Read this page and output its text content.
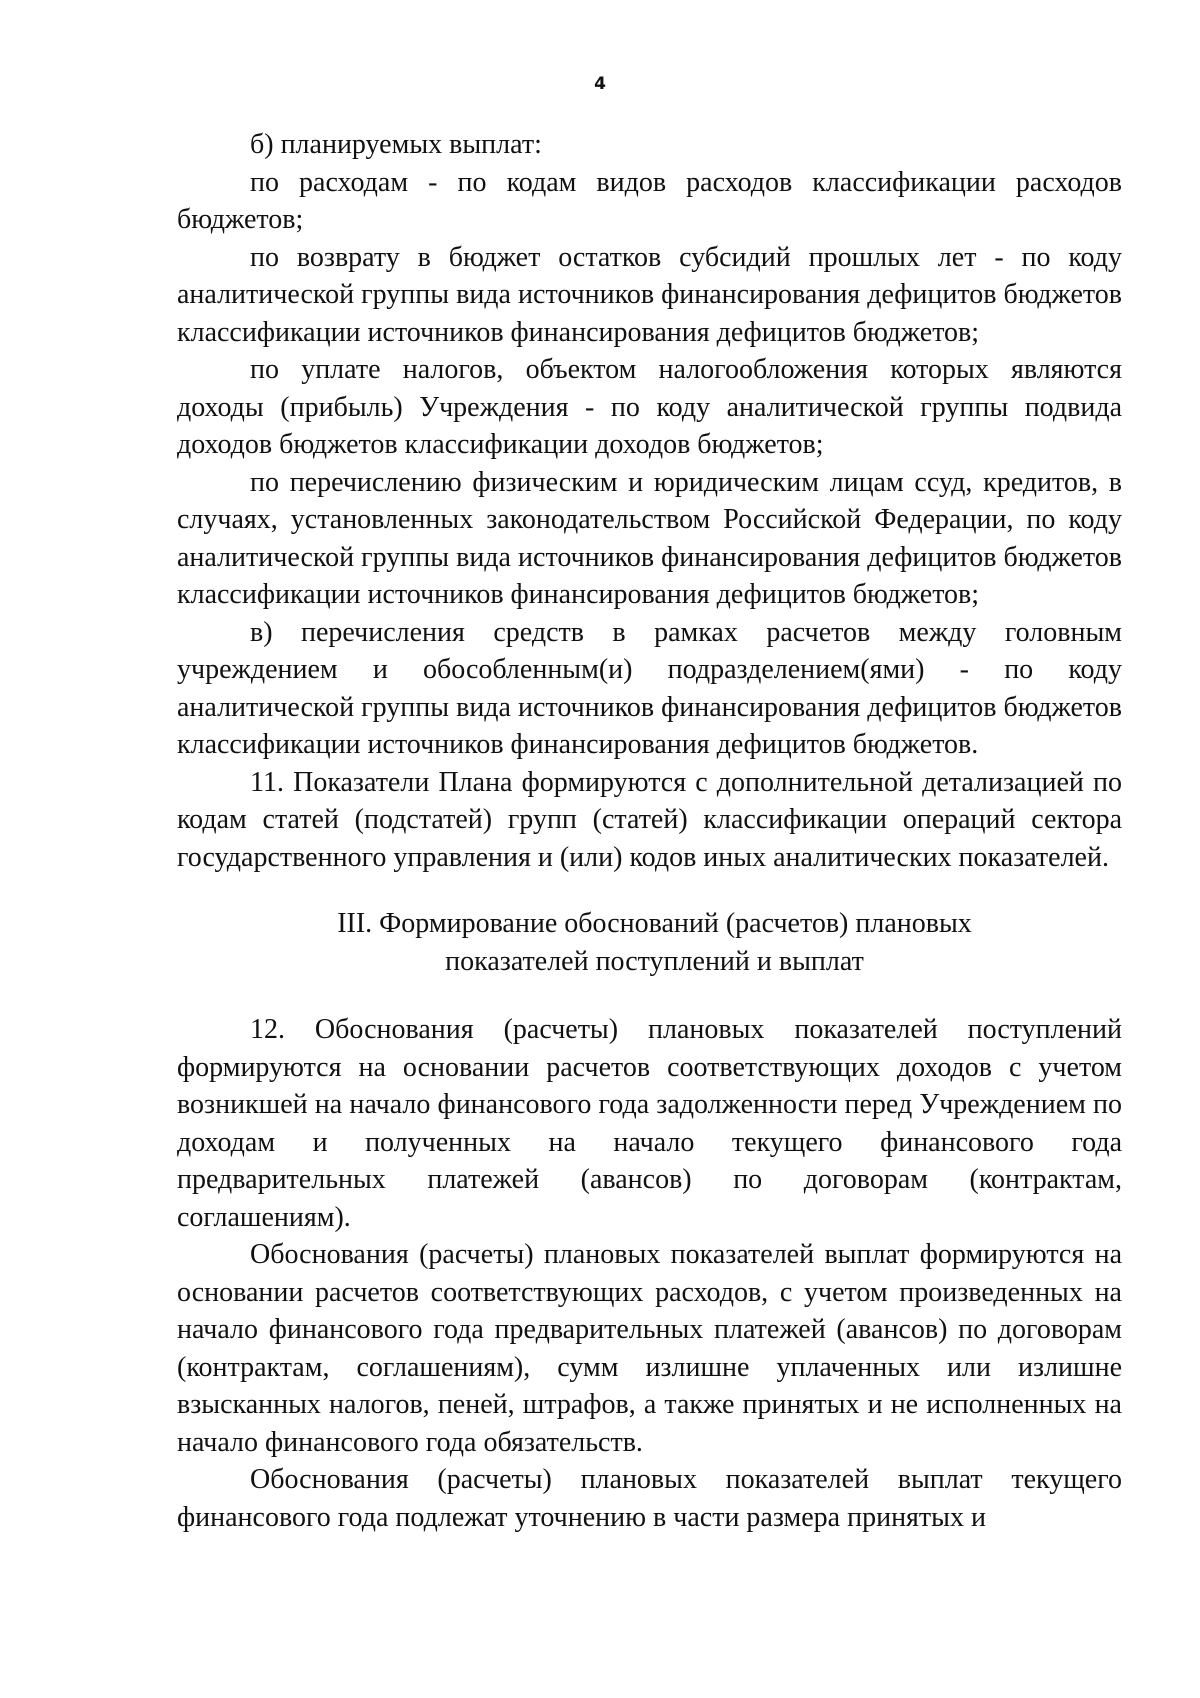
4

б) планируемых выплат:

по расходам - по кодам видов расходов классификации расходов бюджетов;

по возврату в бюджет остатков субсидий прошлых лет - по коду аналитической группы вида источников финансирования дефицитов бюджетов классификации источников финансирования дефицитов бюджетов;

по уплате налогов, объектом налогообложения которых являются доходы (прибыль) Учреждения - по коду аналитической группы подвида доходов бюджетов классификации доходов бюджетов;

по перечислению физическим и юридическим лицам ссуд, кредитов, в случаях, установленных законодательством Российской Федерации, по коду аналитической группы вида источников финансирования дефицитов бюджетов классификации источников финансирования дефицитов бюджетов;

в) перечисления средств в рамках расчетов между головным учреждением и обособленным(и) подразделением(ями) - по коду аналитической группы вида источников финансирования дефицитов бюджетов классификации источников финансирования дефицитов бюджетов.

11. Показатели Плана формируются с дополнительной детализацией по кодам статей (подстатей) групп (статей) классификации операций сектора государственного управления и (или) кодов иных аналитических показателей.

III. Формирование обоснований (расчетов) плановых
показателей поступлений и выплат

12. Обоснования (расчеты) плановых показателей поступлений формируются на основании расчетов соответствующих доходов с учетом возникшей на начало финансового года задолженности перед Учреждением по доходам и полученных на начало текущего финансового года предварительных платежей (авансов) по договорам (контрактам, соглашениям).

Обоснования (расчеты) плановых показателей выплат формируются на основании расчетов соответствующих расходов, с учетом произведенных на начало финансового года предварительных платежей (авансов) по договорам (контрактам, соглашениям), сумм излишне уплаченных или излишне взысканных налогов, пеней, штрафов, а также принятых и не исполненных на начало финансового года обязательств.

Обоснования (расчеты) плановых показателей выплат текущего финансового года подлежат уточнению в части размера принятых и
